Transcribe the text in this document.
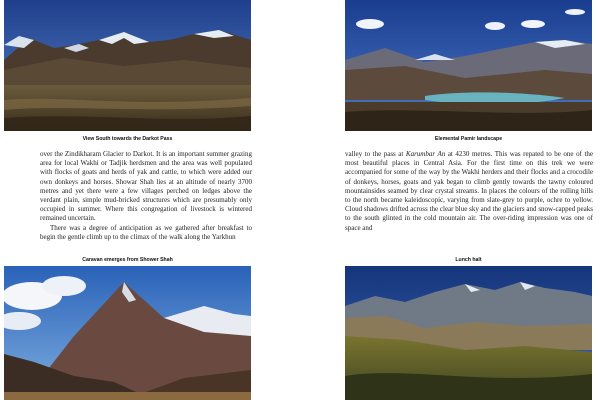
View South towards the Darkot Pass

over the Zindikharam Glacier to Darkot. It is an important summer grazing area for local Wakhi or Tadjik herdsmen and the area was well populated with flocks of goats and herds of yak and cattle, to which were added our own donkeys and horses. Showar Shah lies at an altitude of nearly 3700 metres and yet there were a few villages perched on ledges above the verdant plain, simple mud-bricked structures which are presumably only occupied in summer. Where this congregation of livestock is wintered remained uncertain.

There was a degree of anticipation as we gathered after breakfast to begin the gentle climb up to the climax of the walk along the Yarkhun

Caravan emerges from Shower Shah
Elemental Pamir landscape

valley to the pass at Karumbar An at 4230 metres. This was repated to be one of the most beautiful places in Central Asia. For the first time on this trek we were accompanied for some of the way by the Wakhi herders and their flocks and a crocodile of donkeys, horses, goats and yak began to climb gently towards the tawny coloured mountainsides seamed by clear crystal streams. In places the colours of the rolling hills to the north became kaleidoscopic, varying from slate-grey to purple, ochre to yellow. Cloud shadows drifted across the clear blue sky and the glaciers and snow-capped peaks to the south glinted in the cold mountain air. The over-riding impression was one of space and

Lunch halt
